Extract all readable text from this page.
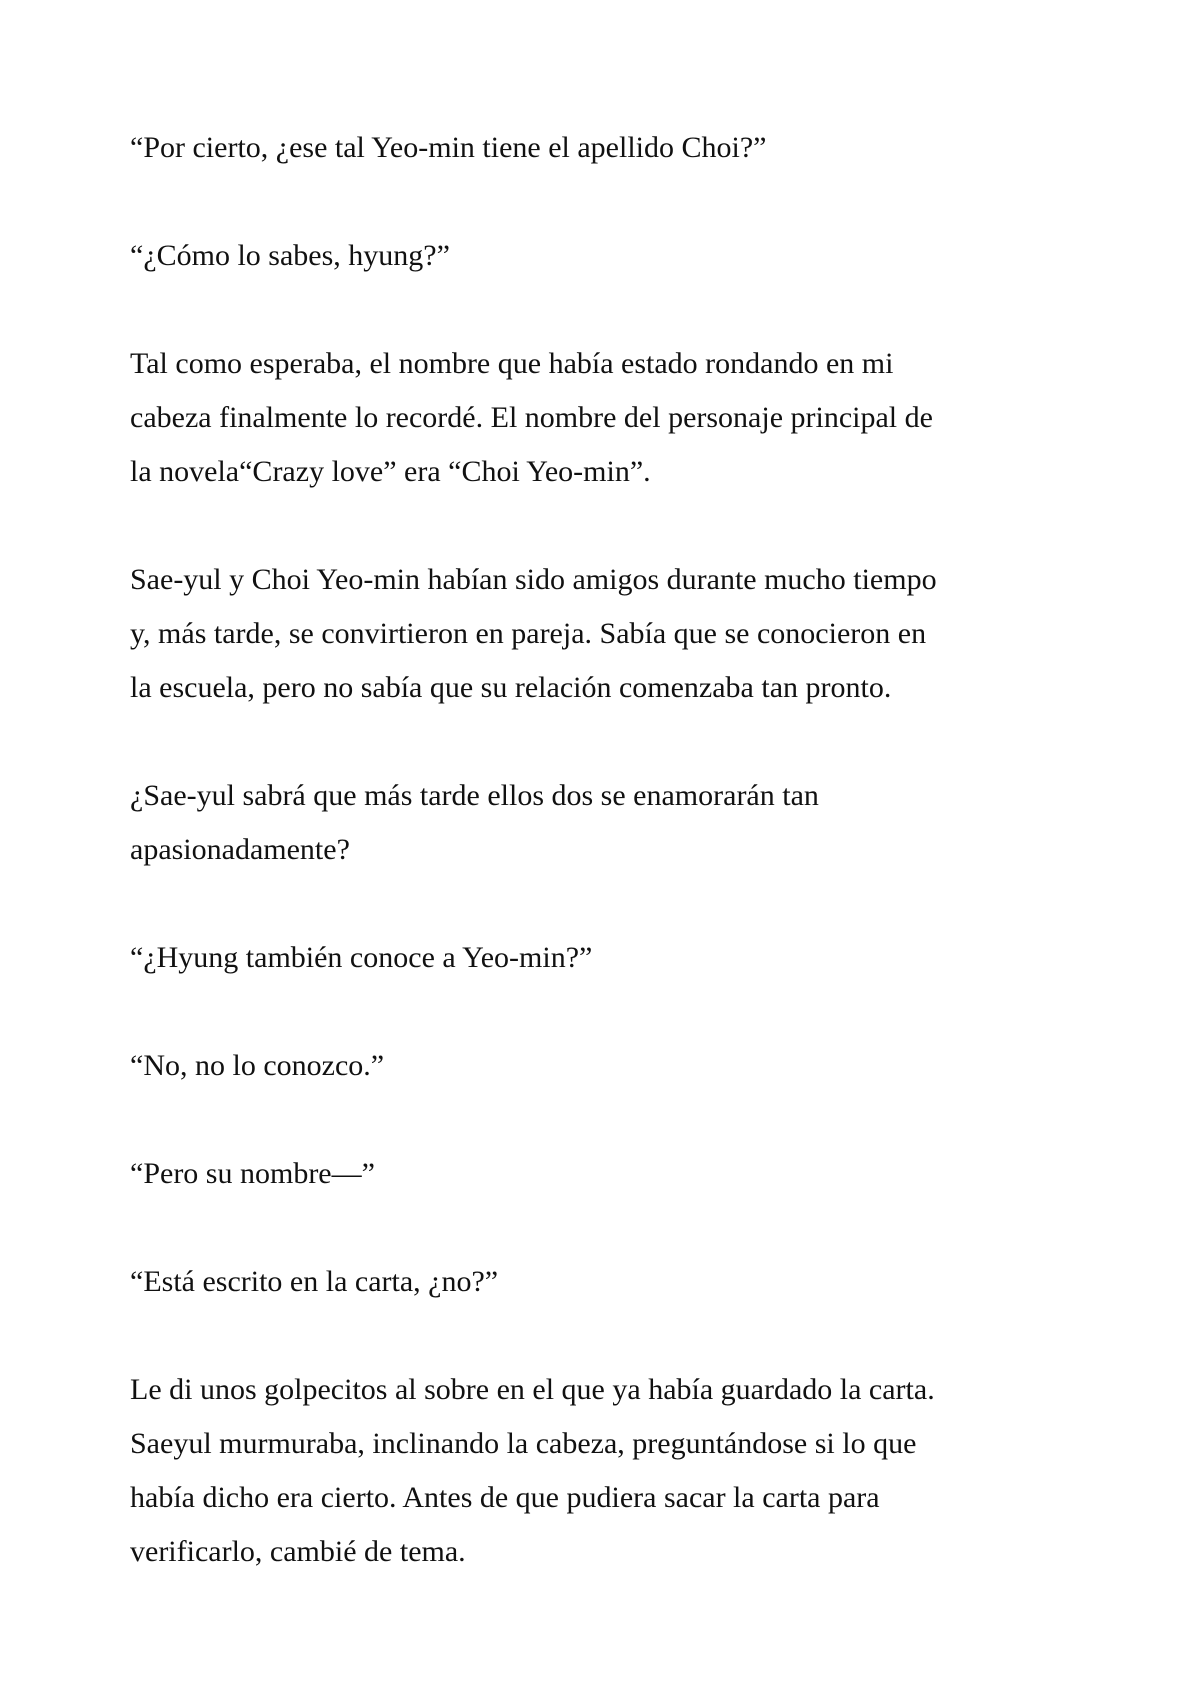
“Por cierto, ¿ese tal Yeo-min tiene el apellido Choi?”

“¿Cómo lo sabes, hyung?”

Tal como esperaba, el nombre que había estado rondando en mi
cabeza finalmente lo recordé. El nombre del personaje principal de
la novela“Crazy love” era “Choi Yeo-min”.

Sae-yul y Choi Yeo-min habían sido amigos durante mucho tiempo
y, más tarde, se convirtieron en pareja. Sabía que se conocieron en
la escuela, pero no sabía que su relación comenzaba tan pronto.

¿Sae-yul sabrá que más tarde ellos dos se enamorarán tan
apasionadamente?

“¿Hyung también conoce a Yeo-min?”

“No, no lo conozco.”

“Pero su nombre—”

“Está escrito en la carta, ¿no?”

Le di unos golpecitos al sobre en el que ya había guardado la carta.
Saeyul murmuraba, inclinando la cabeza, preguntándose si lo que
había dicho era cierto. Antes de que pudiera sacar la carta para
verificarlo, cambié de tema.
